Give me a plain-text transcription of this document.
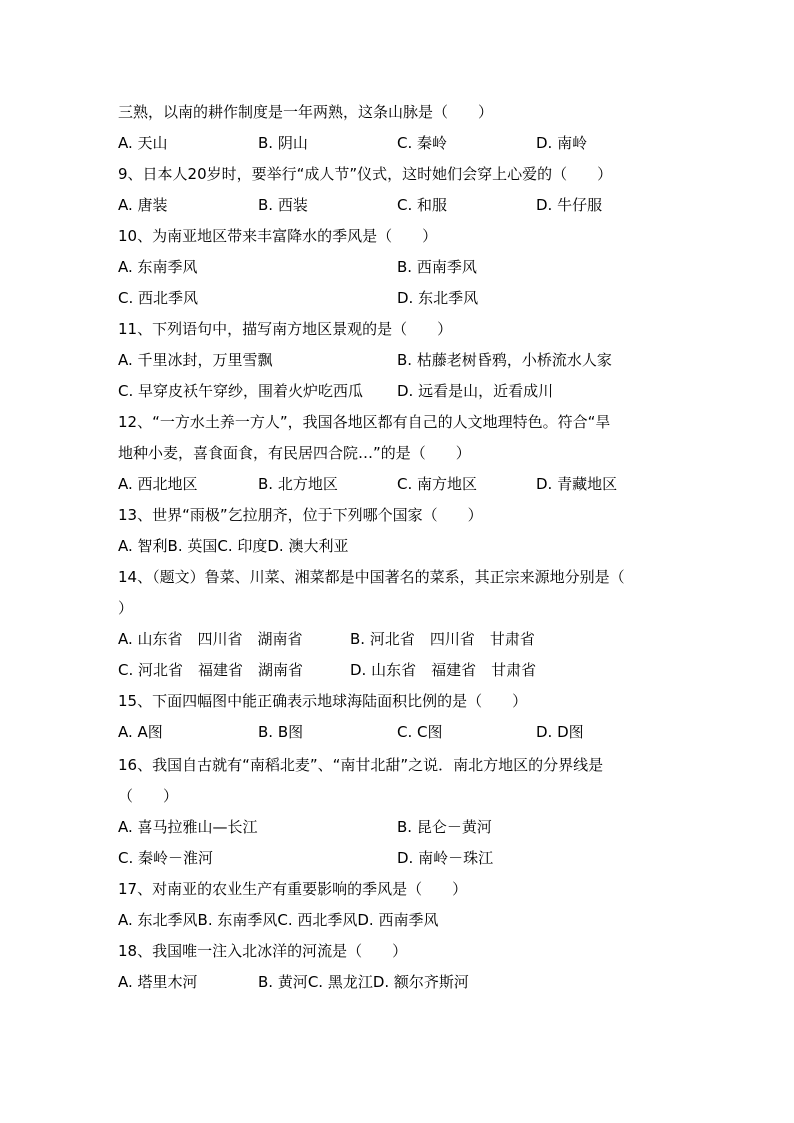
三熟，以南的耕作制度是一年两熟，这条山脉是（　　）
A. 天山	B. 阴山	C. 秦岭	D. 南岭
9、日本人20岁时，要举行“成人节”仪式，这时她们会穿上心爱的（　　）
A. 唐装	B. 西装	C. 和服	D. 牛仔服
10、为南亚地区带来丰富降水的季风是（　　）
A. 东南季风	B. 西南季风
C. 西北季风	D. 东北季风
11、下列语句中，描写南方地区景观的是（　　）
A. 千里冰封，万里雪飘	B. 枯藤老树昏鸦，小桥流水人家
C. 早穿皮袄午穿纱，围着火炉吃西瓜 D. 远看是山，近看成川
12、“一方水土养一方人”，我国各地区都有自己的人文地理特色。符合“旱
地种小麦，喜食面食，有民居四合院…”的是（　　）
A. 西北地区	B. 北方地区	C. 南方地区	D. 青藏地区
13、世界“雨极”乞拉朋齐，位于下列哪个国家（　　）
A. 智利B. 英国C. 印度D. 澳大利亚
14、（题文）鲁菜、川菜、湘菜都是中国著名的菜系，其正宗来源地分别是（
）
A. 山东省　四川省　湖南省	B. 河北省　四川省　甘肃省
C. 河北省　福建省　湖南省	D. 山东省　福建省　甘肃省
15、下面四幅图中能正确表示地球海陆面积比例的是（　　）
A. A图	B. B图	C. C图	D. D图
16、我国自古就有“南稻北麦”、“南甘北甜”之说．南北方地区的分界线是
（　　）
A. 喜马拉雅山—长江	B. 昆仑－黄河
C. 秦岭－淮河	D. 南岭－珠江
17、对南亚的农业生产有重要影响的季风是（　　）
A. 东北季风B. 东南季风C. 西北季风D. 西南季风
18、我国唯一注入北冰洋的河流是（　　）
A. 塔里木河	B. 黄河C. 黑龙江D. 额尔齐斯河
